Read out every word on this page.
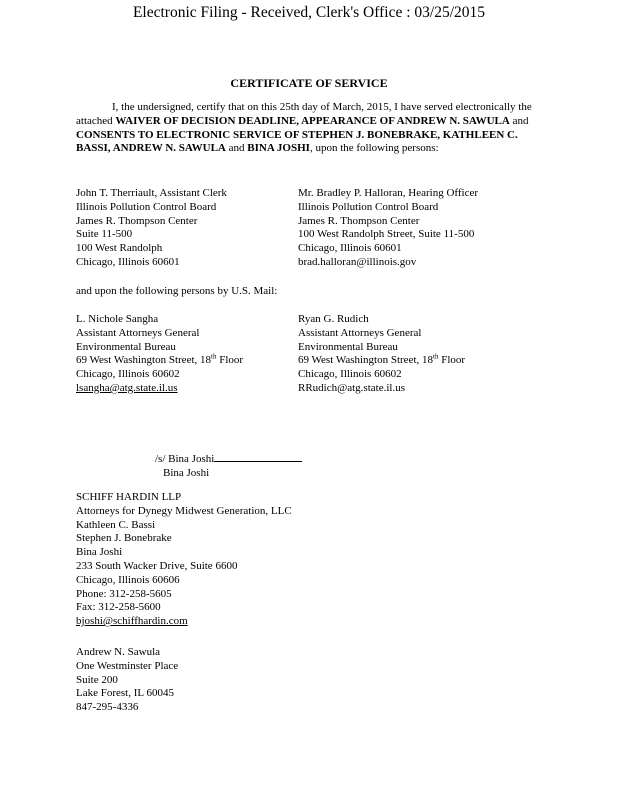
Electronic Filing - Received, Clerk's Office : 03/25/2015
CERTIFICATE OF SERVICE
I, the undersigned, certify that on this 25th day of March, 2015, I have served electronically the attached WAIVER OF DECISION DEADLINE, APPEARANCE OF ANDREW N. SAWULA and CONSENTS TO ELECTRONIC SERVICE OF STEPHEN J. BONEBRAKE, KATHLEEN C. BASSI, ANDREW N. SAWULA and BINA JOSHI, upon the following persons:
John T. Therriault, Assistant Clerk
Illinois Pollution Control Board
James R. Thompson Center
Suite 11-500
100 West Randolph
Chicago, Illinois 60601
Mr. Bradley P. Halloran, Hearing Officer
Illinois Pollution Control Board
James R. Thompson Center
100 West Randolph Street, Suite 11-500
Chicago, Illinois 60601
brad.halloran@illinois.gov
and upon the following persons by U.S. Mail:
L. Nichole Sangha
Assistant Attorneys General
Environmental Bureau
69 West Washington Street, 18th Floor
Chicago, Illinois 60602
lsangha@atg.state.il.us
Ryan G. Rudich
Assistant Attorneys General
Environmental Bureau
69 West Washington Street, 18th Floor
Chicago, Illinois 60602
RRudich@atg.state.il.us
/s/ Bina Joshi
Bina Joshi
SCHIFF HARDIN LLP
Attorneys for Dynegy Midwest Generation, LLC
Kathleen C. Bassi
Stephen J. Bonebrake
Bina Joshi
233 South Wacker Drive, Suite 6600
Chicago, Illinois 60606
Phone: 312-258-5605
Fax: 312-258-5600
bjoshi@schiffhardin.com
Andrew N. Sawula
One Westminster Place
Suite 200
Lake Forest, IL 60045
847-295-4336
